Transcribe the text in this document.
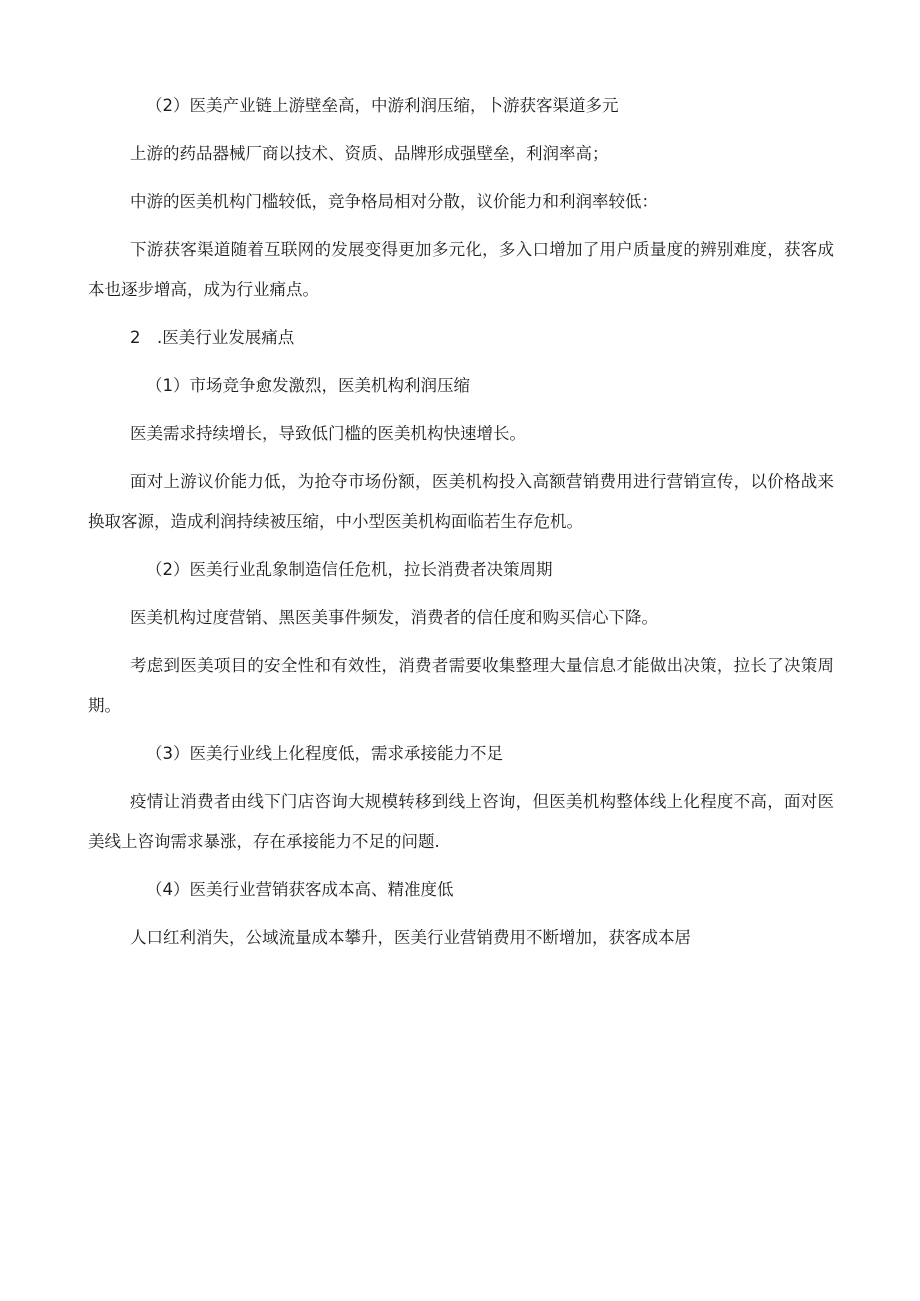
（2）医美产业链上游壁垒高，中游利润压缩，卜游获客渠道多元

上游的药品器械厂商以技术、资质、品牌形成强壁垒，利润率高；

中游的医美机构门槛较低，竞争格局相对分散，议价能力和利润率较低：

下游获客渠道随着互联网的发展变得更加多元化，多入口增加了用户质量度的辨别难度，获客成本也逐步增高，成为行业痛点。

2　.医美行业发展痛点

（1）市场竞争愈发激烈，医美机构利润压缩

医美需求持续增长，导致低门槛的医美机构快速增长。

面对上游议价能力低，为抢夺市场份额，医美机构投入高额营销费用进行营销宣传，以价格战来换取客源，造成利润持续被压缩，中小型医美机构面临若生存危机。

（2）医美行业乱象制造信任危机，拉长消费者决策周期

医美机构过度营销、黑医美事件频发，消费者的信任度和购买信心下降。

考虑到医美项目的安全性和有效性，消费者需要收集整理大量信息才能做出决策，拉长了决策周期。

（3）医美行业线上化程度低，需求承接能力不足

疫情让消费者由线下门店咨询大规模转移到线上咨询，但医美机构整体线上化程度不高，面对医美线上咨询需求暴涨，存在承接能力不足的问题.

（4）医美行业营销获客成本高、精准度低

人口红利消失，公域流量成本攀升，医美行业营销费用不断增加，获客成本居
